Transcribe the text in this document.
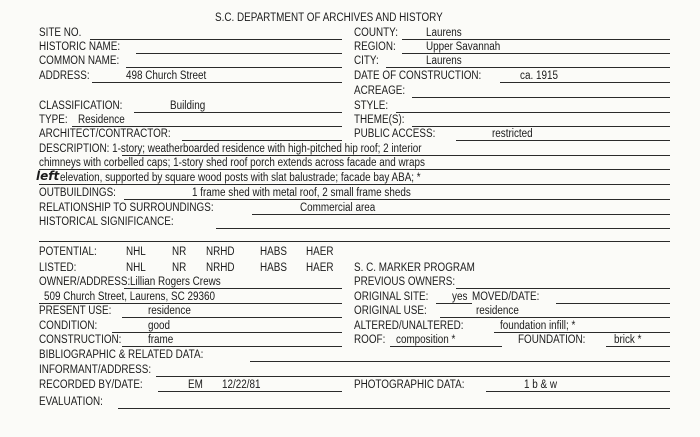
S.C. DEPARTMENT OF ARCHIVES AND HISTORY
SITE NO.	COUNTY: Laurens
HISTORIC NAME:	REGION:	Upper Savannah
COMMON NAME:	CITY:	Laurens
ADDRESS:	498 Church Street	DATE OF CONSTRUCTION:	ca. 1915
ACREAGE:
CLASSIFICATION:	Building	STYLE:
TYPE: Residence	THEME(S):
ARCHITECT/CONTRACTOR:	PUBLIC ACCESS:	restricted
DESCRIPTION: 1-story; weatherboarded residence with high-pitched hip roof; 2 interior
chimneys with corbelled caps; 1-story shed roof porch extends across facade and wraps
left elevation, supported by square wood posts with slat balustrade; facade bay ABA; *
OUTBUILDINGS:	1 frame shed with metal roof, 2 small frame sheds
RELATIONSHIP TO SURROUNDINGS:	Commercial area
HISTORICAL SIGNIFICANCE:
POTENTIAL:	NHL NR NRHD HABS HAER
LISTED:	NHL NR NRHD HABS HAER S. C. MARKER PROGRAM
OWNER/ADDRESS: Lillian Rogers Crews	PREVIOUS OWNERS:
509 Church Street, Laurens, SC 29360	ORIGINAL SITE: yes MOVED/DATE:
PRESENT USE:	residence	ORIGINAL USE:	residence
CONDITION:	good	ALTERED/UNALTERED:	foundation infill; *
CONSTRUCTION: frame	ROOF: composition *	FOUNDATION: brick *
BIBLIOGRAPHIC & RELATED DATA:
INFORMANT/ADDRESS:
RECORDED BY/DATE:	EM 12/22/81	PHOTOGRAPHIC DATA:	1 b & w
EVALUATION:
